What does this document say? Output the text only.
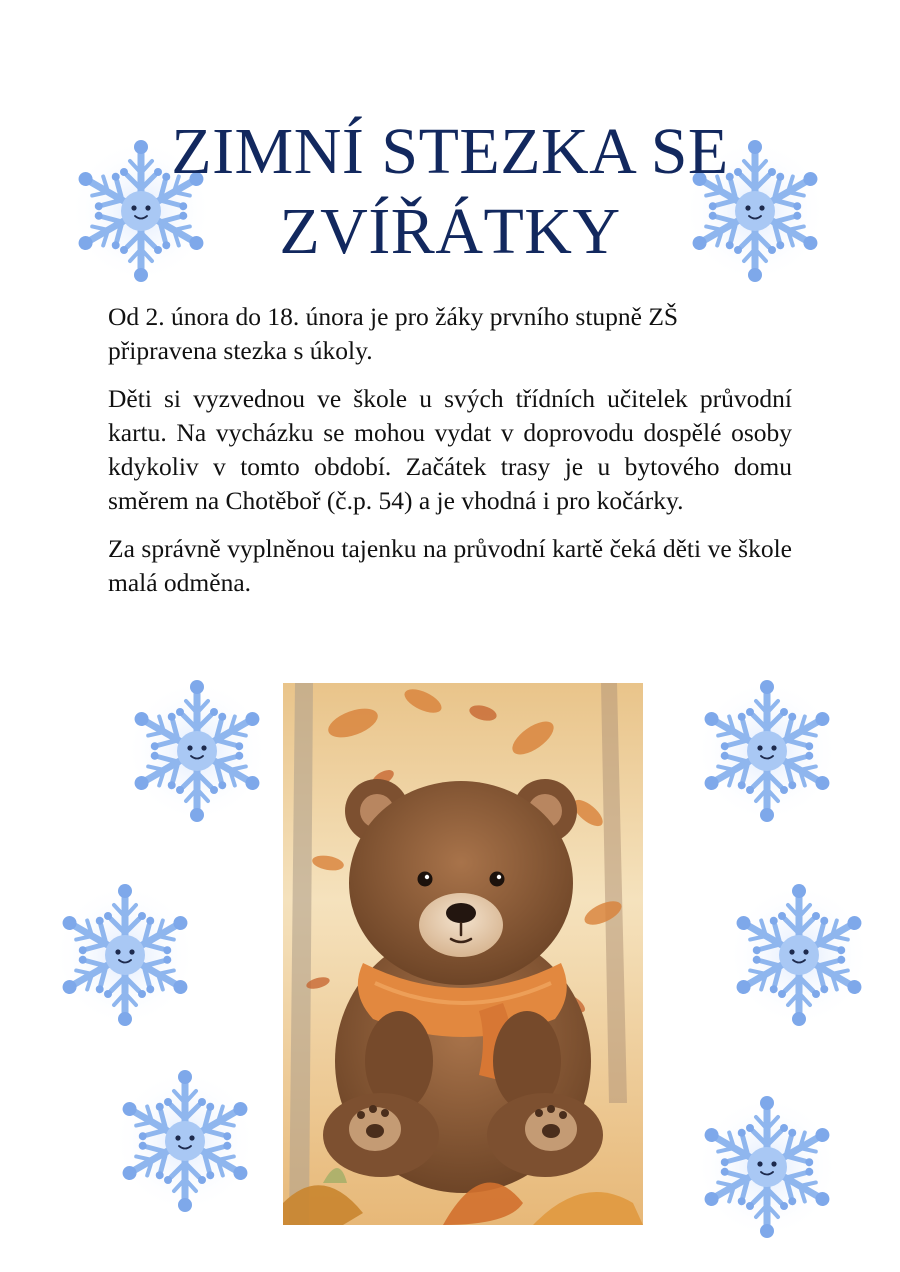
ZIMNÍ STEZKA SE
ZVÍŘÁTKY

Od 2. února do 18. února je pro žáky prvního stupně ZŠ připravena stezka s úkoly.

Děti si vyzvednou ve škole u svých třídních učitelek průvodní kartu. Na vycházku se mohou vydat v doprovodu dospělé osoby kdykoliv v tomto období. Začátek trasy je u bytového domu směrem na Chotěboř (č.p. 54) a je vhodná i pro kočárky.

Za správně vyplněnou tajenku na průvodní kartě čeká děti ve škole malá odměna.
